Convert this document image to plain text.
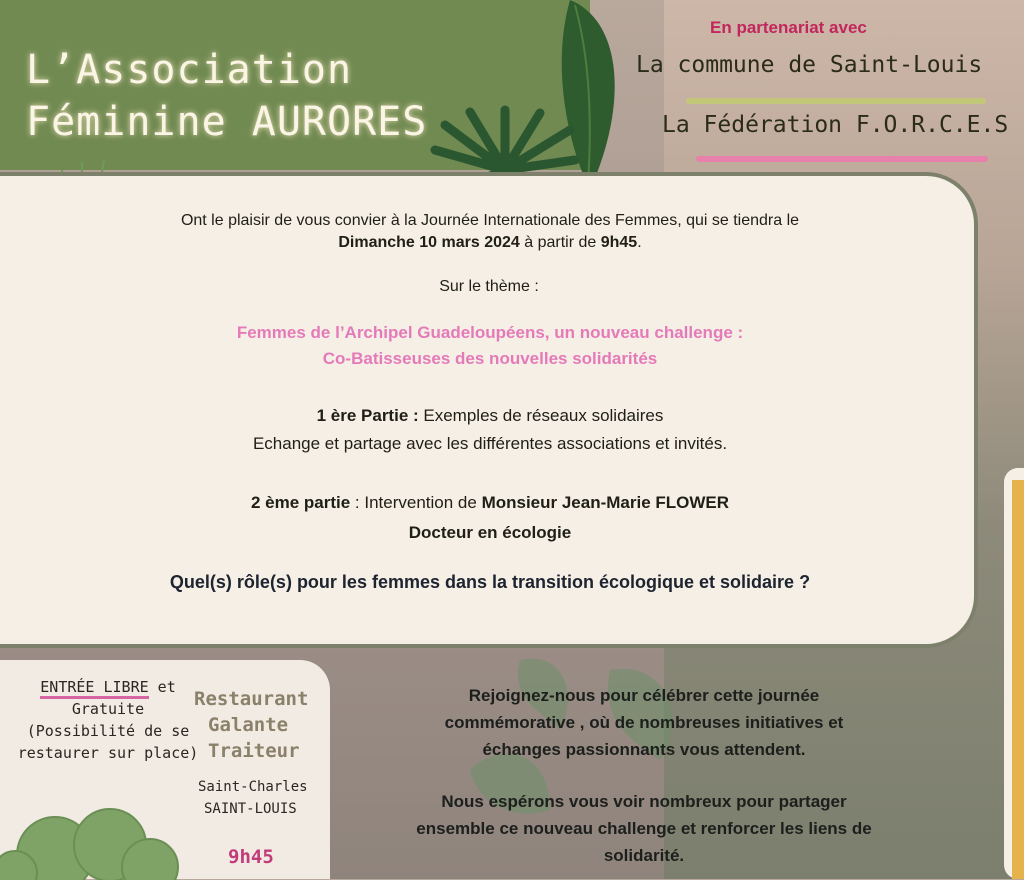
L’Association
Féminine AURORES
En partenariat avec
La commune de Saint-Louis
La Fédération F.O.R.C.E.S
Ont le plaisir de vous convier à la Journée Internationale des Femmes, qui se tiendra le
Dimanche 10 mars 2024 à partir de 9h45.
Sur le thème :
Femmes de l’Archipel Guadeloupéens, un nouveau challenge :
Co-Batisseuses des nouvelles solidarités
1 ère Partie : Exemples de réseaux solidaires
Echange et partage avec les différentes associations et invités.
2 ème partie : Intervention de Monsieur Jean-Marie FLOWER
Docteur en écologie
Quel(s) rôle(s) pour les femmes dans la transition écologique et solidaire ?
ENTRÉE LIBRE et
Gratuite
(Possibilité de se
restaurer sur place)
Restaurant
Galante
Traiteur
Saint-Charles
SAINT-LOUIS
9h45
Rejoignez-nous pour célébrer cette journée
commémorative , où de nombreuses initiatives et
échanges passionnants vous attendent.
Nous espérons vous voir nombreux pour partager
ensemble ce nouveau challenge et renforcer les liens de
solidarité.
